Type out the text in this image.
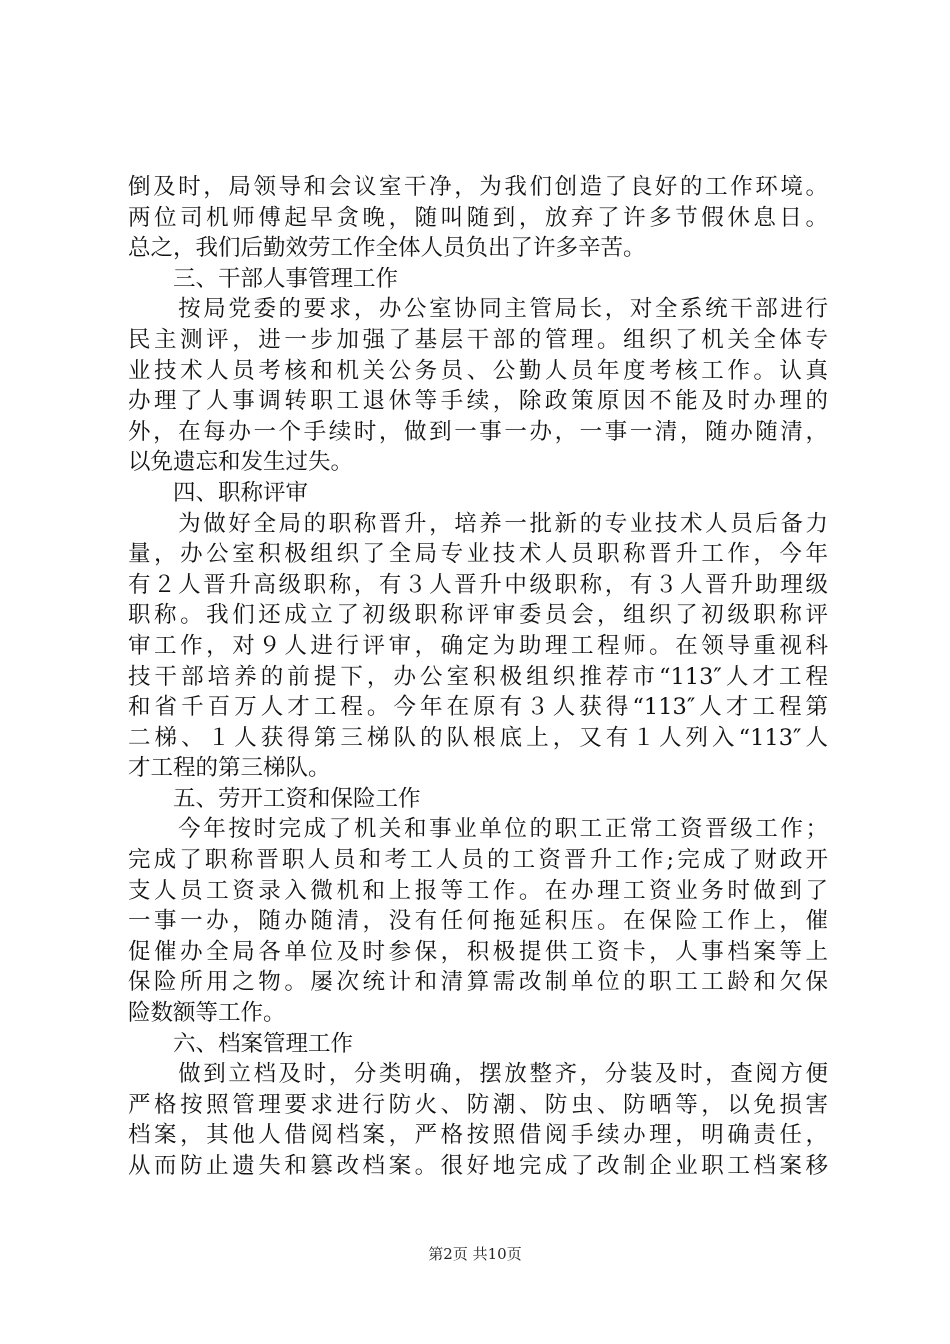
倒及时，局领导和会议室干净，为我们创造了良好的工作环境。
两位司机师傅起早贪晚，随叫随到，放弃了许多节假休息日。
总之，我们后勤效劳工作全体人员负出了许多辛苦。
　　三、干部人事管理工作
　　按局党委的要求，办公室协同主管局长，对全系统干部进行
民主测评，进一步加强了基层干部的管理。组织了机关全体专
业技术人员考核和机关公务员、公勤人员年度考核工作。认真
办理了人事调转职工退休等手续，除政策原因不能及时办理的
外，在每办一个手续时，做到一事一办，一事一清，随办随清，
以免遗忘和发生过失。
　　四、职称评审
　　为做好全局的职称晋升，培养一批新的专业技术人员后备力
量，办公室积极组织了全局专业技术人员职称晋升工作，今年
有２人晋升高级职称，有３人晋升中级职称，有３人晋升助理级
职称。我们还成立了初级职称评审委员会，组织了初级职称评
审工作，对９人进行评审，确定为助理工程师。在领导重视科
技干部培养的前提下，办公室积极组织推荐市“113″人才工程
和省千百万人才工程。今年在原有３人获得“113″人才工程第
二梯、１人获得第三梯队的队根底上，又有１人列入“113″人
才工程的第三梯队。
　　五、劳开工资和保险工作
　　今年按时完成了机关和事业单位的职工正常工资晋级工作；
完成了职称晋职人员和考工人员的工资晋升工作;完成了财政开
支人员工资录入微机和上报等工作。在办理工资业务时做到了
一事一办，随办随清，没有任何拖延积压。在保险工作上，催
促催办全局各单位及时参保，积极提供工资卡，人事档案等上
保险所用之物。屡次统计和清算需改制单位的职工工龄和欠保
险数额等工作。
　　六、档案管理工作
　　做到立档及时，分类明确，摆放整齐，分装及时，查阅方便
严格按照管理要求进行防火、防潮、防虫、防晒等，以免损害
档案，其他人借阅档案，严格按照借阅手续办理，明确责任，
从而防止遗失和篡改档案。很好地完成了改制企业职工档案移
第2页 共10页
